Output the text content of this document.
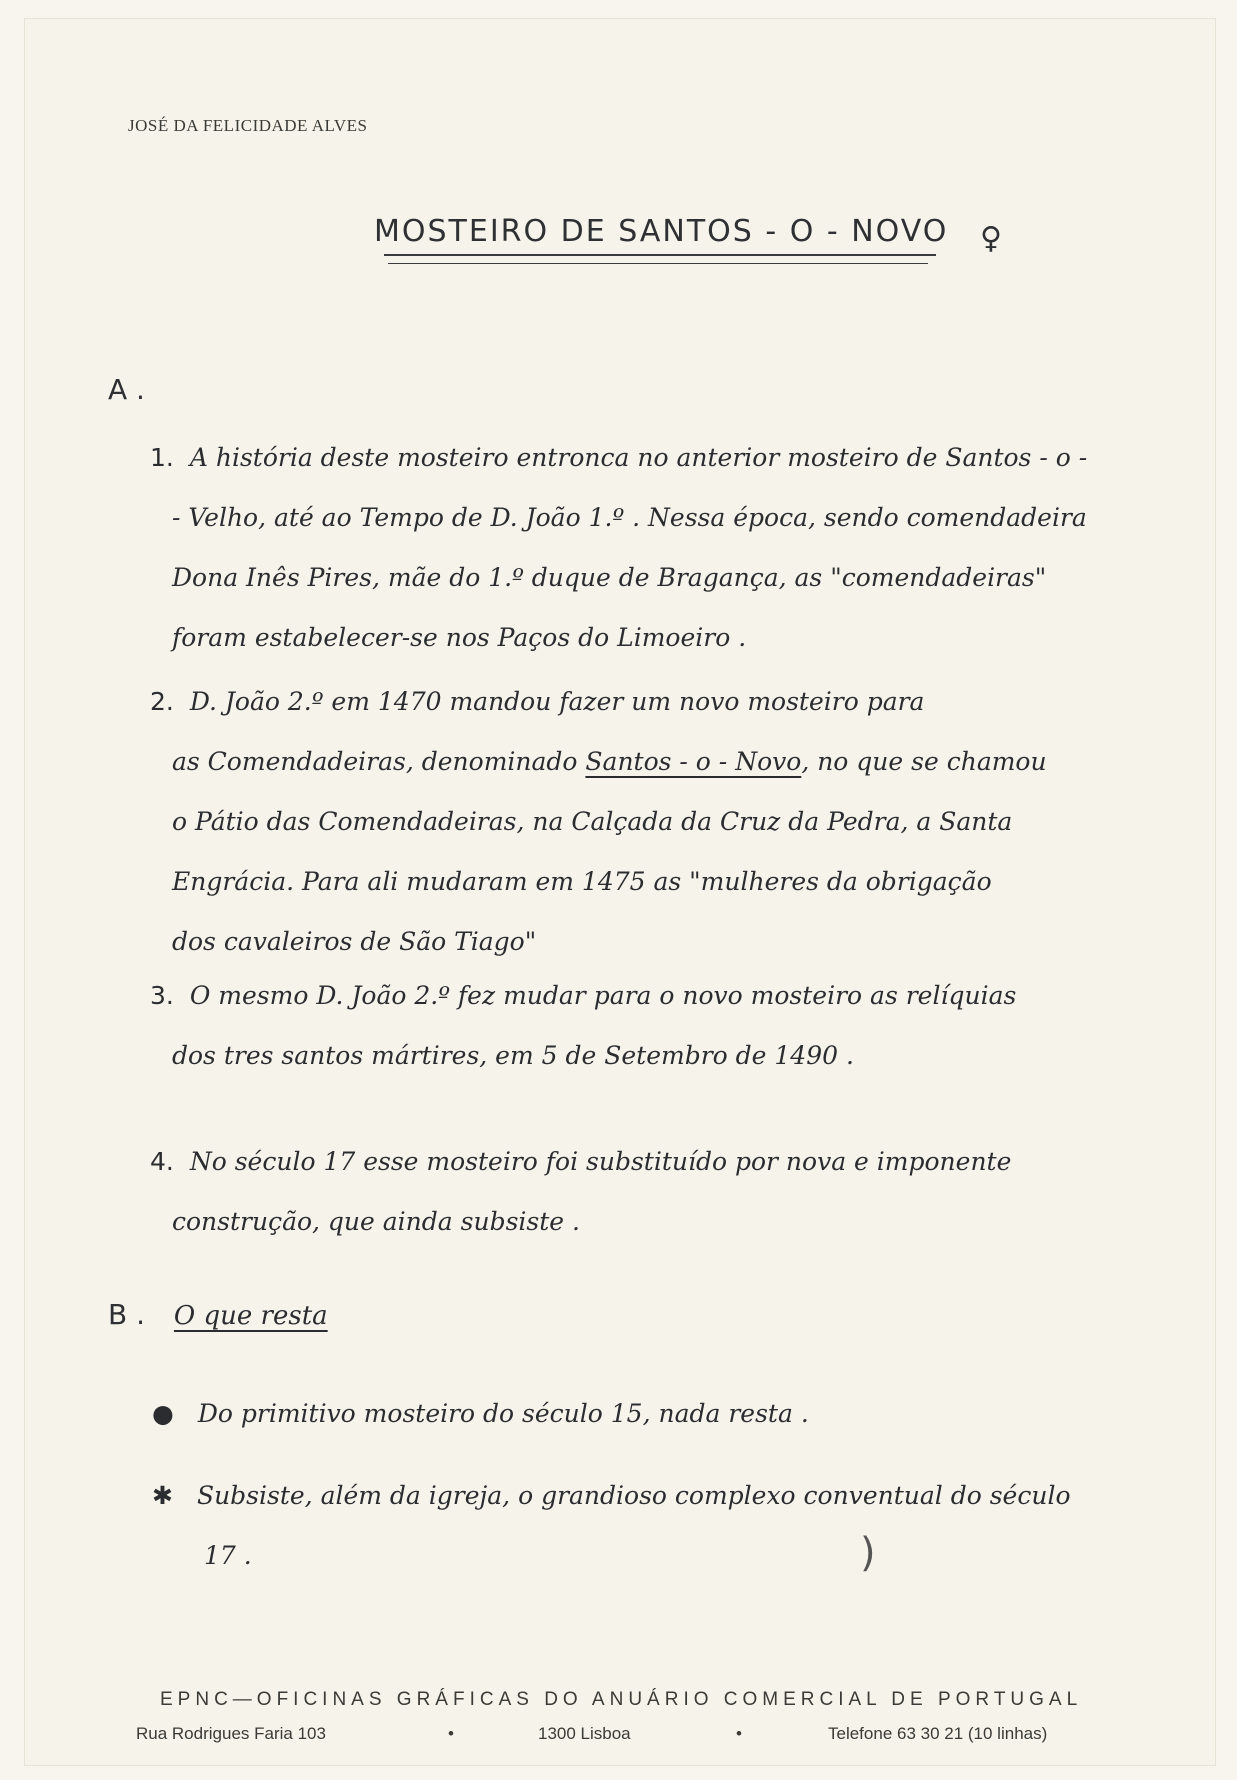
JOSÉ DA FELICIDADE ALVES
MOSTEIRO DE SANTOS - O - NOVO ♀
A .
1. A história deste mosteiro entronca no anterior mosteiro de Santos - o -
- Velho, até ao Tempo de D. João 1.º . Nessa época, sendo comendadeira
Dona Inês Pires, mãe do 1.º duque de Bragança, as "comendadeiras"
foram estabelecer-se nos Paços do Limoeiro .
2. D. João 2.º em 1470 mandou fazer um novo mosteiro para
as Comendadeiras, denominado Santos - o - Novo, no que se chamou
o Pátio das Comendadeiras, na Calçada da Cruz da Pedra, a Santa
Engrácia. Para ali mudaram em 1475 as "mulheres da obrigação
dos cavaleiros de São Tiago"
3. O mesmo D. João 2.º fez mudar para o novo mosteiro as relíquias
dos tres santos mártires, em 5 de Setembro de 1490 .
4. No século 17 esse mosteiro foi substituído por nova e imponente
construção, que ainda subsiste .
B . O que resta
● Do primitivo mosteiro do século 15, nada resta .
✱ Subsiste, além da igreja, o grandioso complexo conventual do século
17 .	)
EPNC—OFICINAS GRÁFICAS DO ANUÁRIO COMERCIAL DE PORTUGAL
Rua Rodrigues Faria 103	•	1300 Lisboa	•	Telefone 63 30 21 (10 linhas)
